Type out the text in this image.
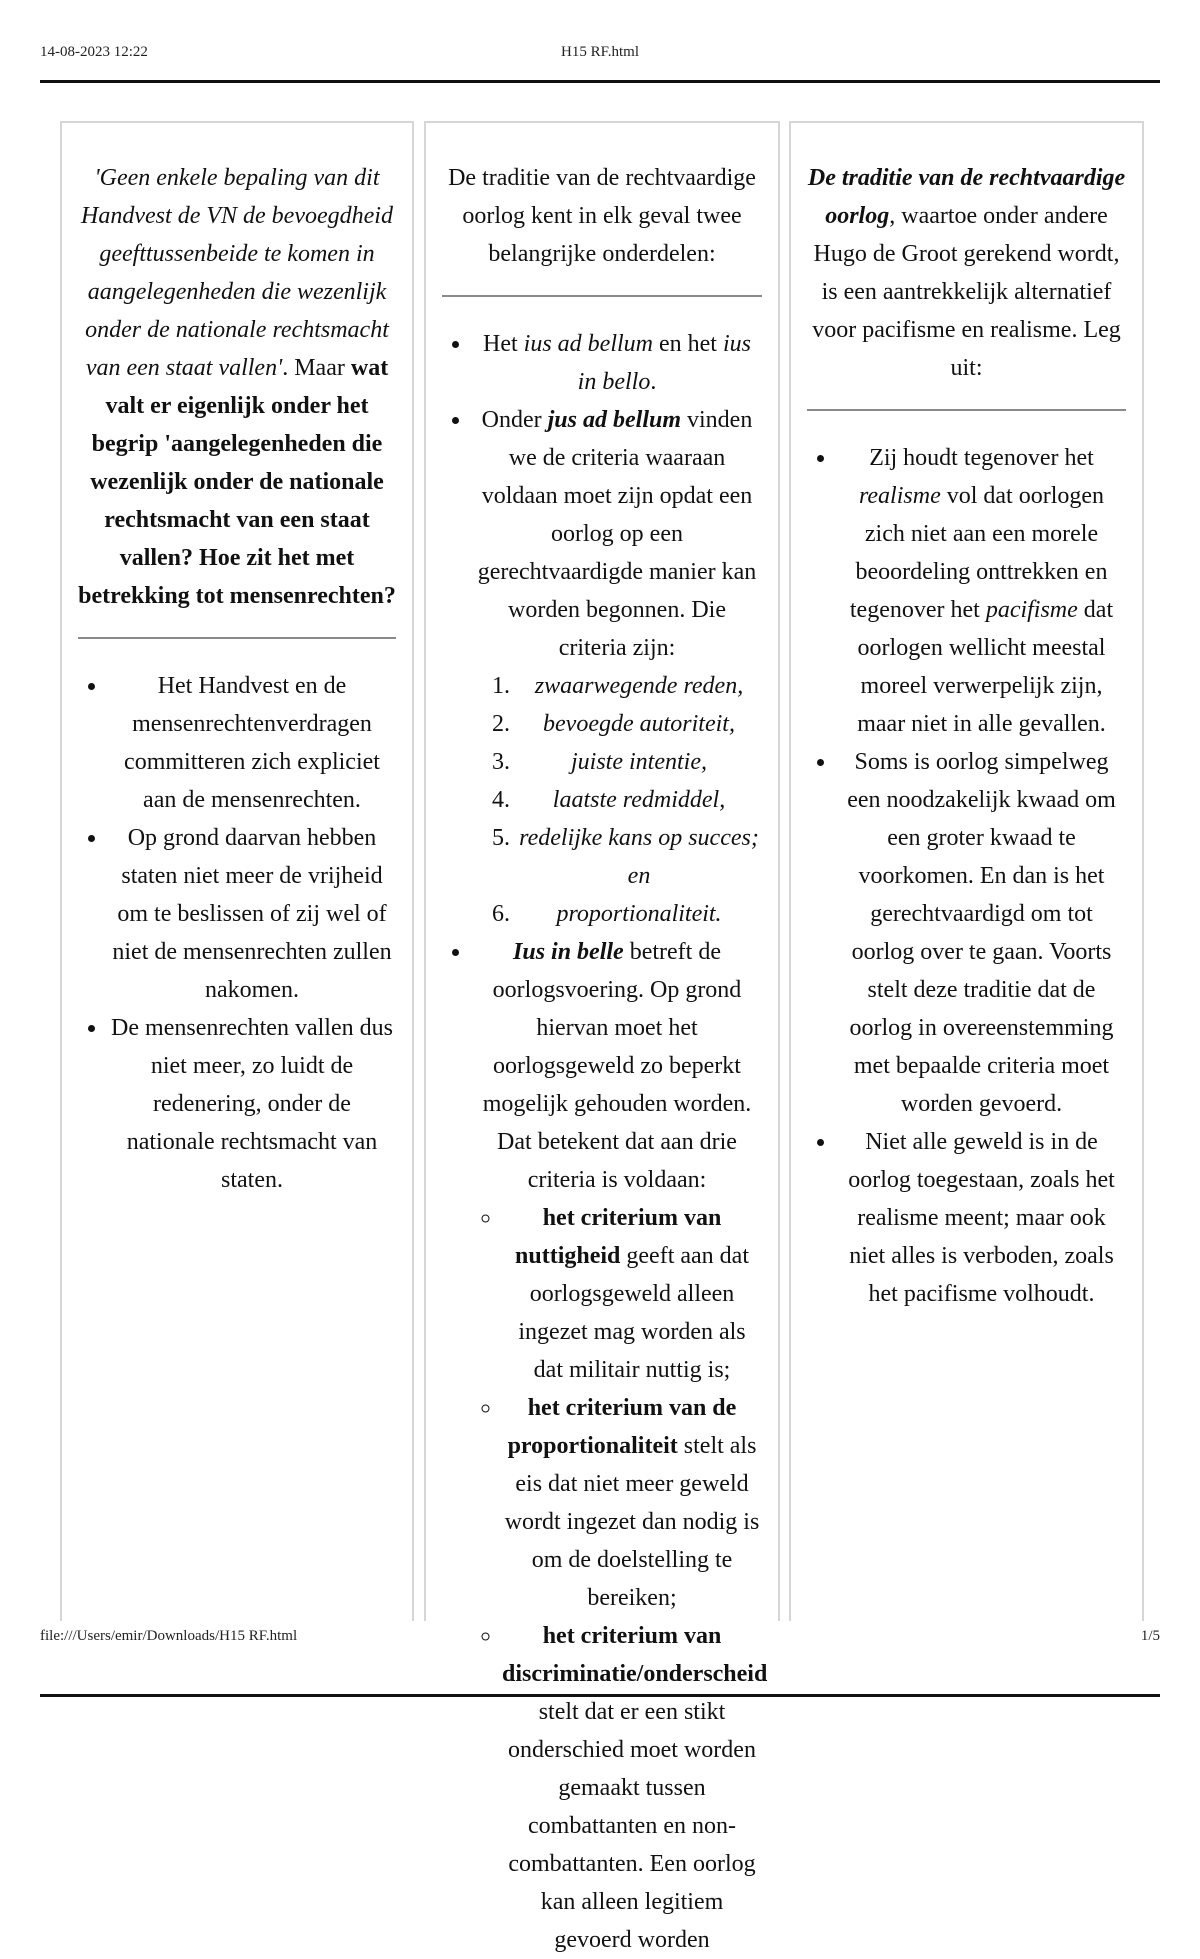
14-08-2023 12:22	H15 RF.html

'Geen enkele bepaling van dit Handvest de VN de bevoegdheid geefttussenbeide te komen in aangelegenheden die wezenlijk onder de nationale rechtsmacht van een staat vallen'. Maar wat valt er eigenlijk onder het begrip 'aangelegenheden die wezenlijk onder de nationale rechtsmacht van een staat vallen? Hoe zit het met betrekking tot mensenrechten?

• Het Handvest en de mensenrechtenverdragen committeren zich expliciet aan de mensenrechten.
• Op grond daarvan hebben staten niet meer de vrijheid om te beslissen of zij wel of niet de mensenrechten zullen nakomen.
• De mensenrechten vallen dus niet meer, zo luidt de redenering, onder de nationale rechtsmacht van staten.

De traditie van de rechtvaardige oorlog kent in elk geval twee belangrijke onderdelen:

• Het ius ad bellum en het ius in bello.
• Onder jus ad bellum vinden we de criteria waaraan voldaan moet zijn opdat een oorlog op een gerechtvaardigde manier kan worden begonnen. Die criteria zijn:
1. zwaarwegende reden,
2. bevoegde autoriteit,
3. juiste intentie,
4. laatste redmiddel,
5. redelijke kans op succes; en
6. proportionaliteit.
• Ius in belle betreft de oorlogsvoering. Op grond hiervan moet het oorlogsgeweld zo beperkt mogelijk gehouden worden. Dat betekent dat aan drie criteria is voldaan:
◦ het criterium van nuttigheid geeft aan dat oorlogsgeweld alleen ingezet mag worden als dat militair nuttig is;
◦ het criterium van de proportionaliteit stelt als eis dat niet meer geweld wordt ingezet dan nodig is om de doelstelling te bereiken;
◦ het criterium van discriminatie/onderscheid stelt dat er een stikt onderschied moet worden gemaakt tussen combattanten en non-combattanten. Een oorlog kan alleen legitiem gevoerd worden

De traditie van de rechtvaardige oorlog, waartoe onder andere Hugo de Groot gerekend wordt, is een aantrekkelijk alternatief voor pacifisme en realisme. Leg uit:

• Zij houdt tegenover het realisme vol dat oorlogen zich niet aan een morele beoordeling onttrekken en tegenover het pacifisme dat oorlogen wellicht meestal moreel verwerpelijk zijn, maar niet in alle gevallen.
• Soms is oorlog simpelweg een noodzakelijk kwaad om een groter kwaad te voorkomen. En dan is het gerechtvaardigd om tot oorlog over te gaan. Voorts stelt deze traditie dat de oorlog in overeenstemming met bepaalde criteria moet worden gevoerd.
• Niet alle geweld is in de oorlog toegestaan, zoals het realisme meent; maar ook niet alles is verboden, zoals het pacifisme volhoudt.
file:///Users/emir/Downloads/H15 RF.html	1/5
